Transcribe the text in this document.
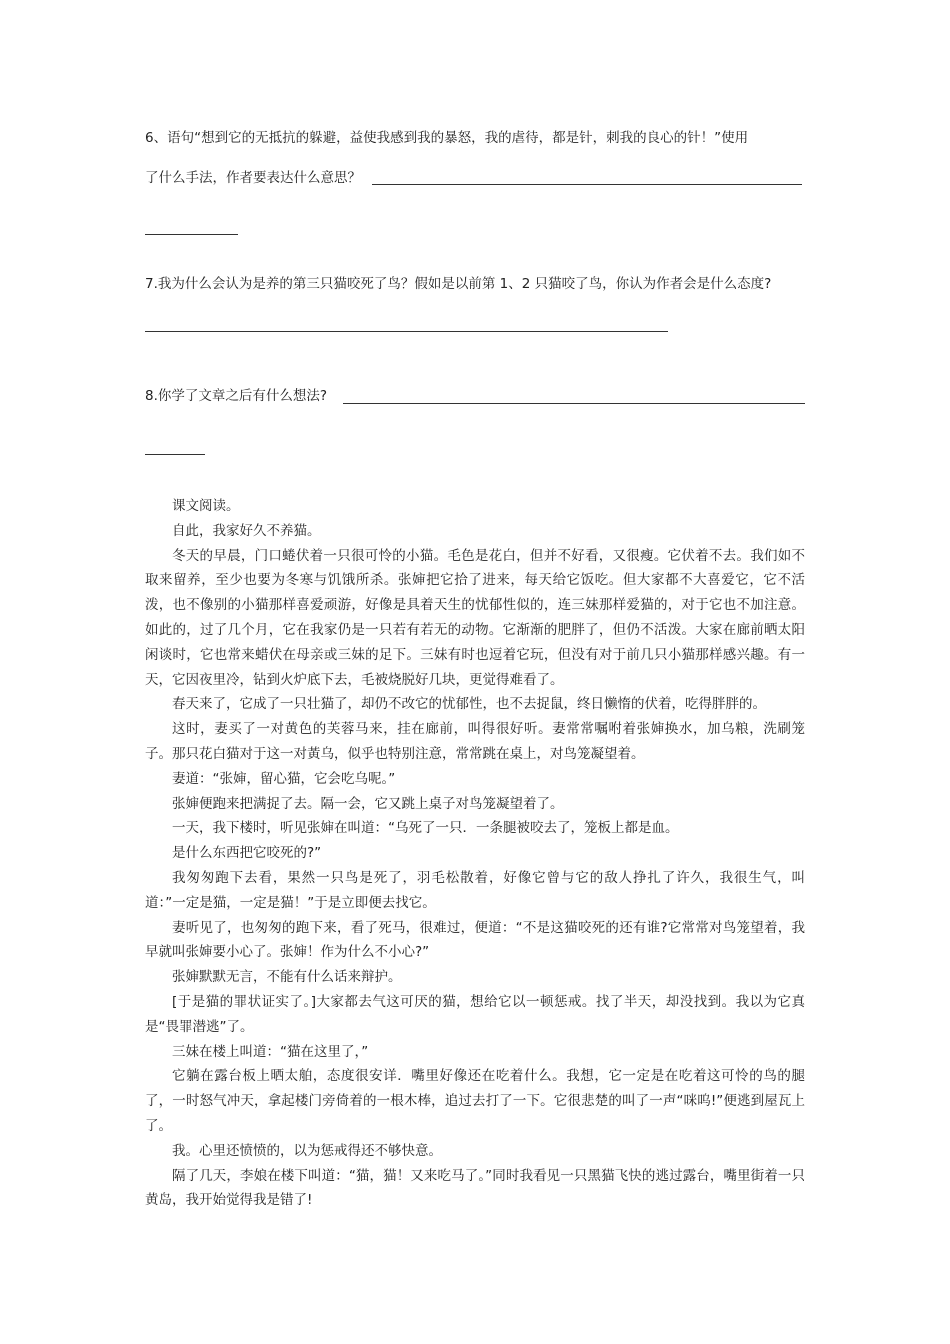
6、语句“想到它的无抵抗的躲避，益使我感到我的暴怒，我的虐待，都是针，刺我的良心的针！”使用
了什么手法，作者要表达什么意思？
7.我为什么会认为是养的第三只猫咬死了鸟？假如是以前第 1、2 只猫咬了鸟，你认为作者会是什么态度?
8.你学了文章之后有什么想法?

课文阅读。

自此，我家好久不养猫。

冬天的早晨，门口蜷伏着一只很可怜的小猫。毛色是花白，但并不好看，又很瘦。它伏着不去。我们如不取来留养，至少也要为冬寒与饥饿所杀。张婶把它拾了进来，每天给它饭吃。但大家都不大喜爱它，它不活泼，也不像别的小猫那样喜爱顽游，好像是具着天生的忧郁性似的，连三妹那样爱猫的，对于它也不加注意。如此的，过了几个月，它在我家仍是一只若有若无的动物。它渐渐的肥胖了，但仍不活泼。大家在廊前晒太阳闲谈时，它也常来蜡伏在母亲或三妹的足下。三妹有时也逗着它玩，但没有对于前几只小猫那样感兴趣。有一天，它因夜里冷，钻到火炉底下去，毛被烧脱好几块，更觉得难看了。

春天来了，它成了一只壮猫了，却仍不改它的忧郁性，也不去捉鼠，终日懒惰的伏着，吃得胖胖的。

这时，妻买了一对黄色的芙蓉马来，挂在廊前，叫得很好听。妻常常嘱咐着张婶换水，加乌粮，洗刷笼子。那只花白猫对于这一对黃乌，似乎也特别注意，常常跳在桌上，对鸟笼凝望着。

妻道：“张婶，留心猫，它会吃乌呢。”

张婶便跑来把满捉了去。隔一会，它又跳上桌子对鸟笼凝望着了。

一天，我下楼时，听见张婶在叫道：“乌死了一只．一条腿被咬去了，笼板上都是血。

是什么东西把它咬死的?”

我匆匆跑下去看，果然一只鸟是死了，羽毛松散着，好像它曾与它的敌人挣扎了许久，我很生气，叫道：”一定是猫，一定是猫！”于是立即便去找它。

妻听见了，也匆匆的跑下来，看了死马，很难过，便道：“不是这猫咬死的还有谁?它常常对鸟笼望着，我早就叫张婶要小心了。张婶！作为什么不小心?”

张婶默默无言，不能有什么话来辩护。

[于是猫的罪状证实了。]大家都去气这可厌的猫，想给它以一顿惩戒。找了半天，却没找到。我以为它真是“畏罪潜逃”了。

三妹在楼上叫道：“猫在这里了，”

它躺在露台板上晒太舶，态度很安详．嘴里好像还在吃着什么。我想，它一定是在吃着这可怜的鸟的腿了，一时怒气冲天，拿起楼门旁倚着的一根木棒，追过去打了一下。它很悲楚的叫了一声“咪呜!”便逃到屋瓦上了。

我。心里还愤愤的，以为惩戒得还不够快意。

隔了几天，李娘在楼下叫道：“猫，猫！又来吃马了。”同时我看见一只黑猫飞快的逃过露台，嘴里街着一只黄岛，我开始觉得我是错了!
